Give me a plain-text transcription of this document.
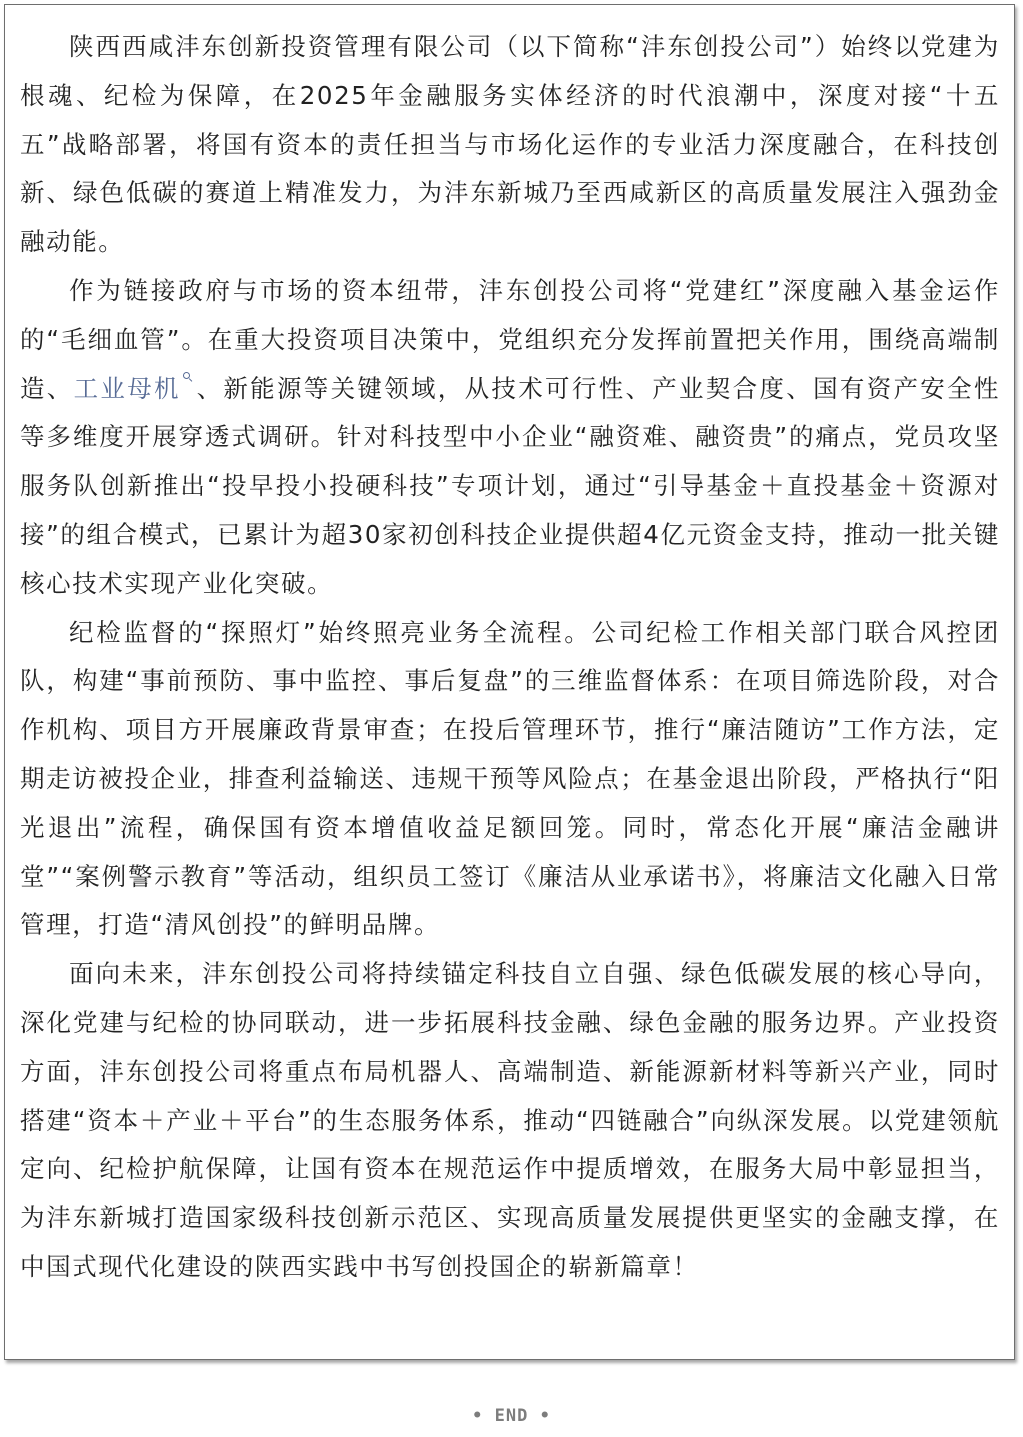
陕西西咸沣东创新投资管理有限公司（以下简称“沣东创投公司”）始终以党建为根魂、纪检为保障，在2025年金融服务实体经济的时代浪潮中，深度对接“十五五”战略部署，将国有资本的责任担当与市场化运作的专业活力深度融合，在科技创新、绿色低碳的赛道上精准发力，为沣东新城乃至西咸新区的高质量发展注入强劲金融动能。

作为链接政府与市场的资本纽带，沣东创投公司将“党建红”深度融入基金运作的“毛细血管”。在重大投资项目决策中，党组织充分发挥前置把关作用，围绕高端制造、工业母机 、新能源等关键领域，从技术可行性、产业契合度、国有资产安全性等多维度开展穿透式调研。针对科技型中小企业“融资难、融资贵”的痛点，党员攻坚服务队创新推出“投早投小投硬科技”专项计划，通过“引导基金＋直投基金＋资源对接”的组合模式，已累计为超30家初创科技企业提供超4亿元资金支持，推动一批关键核心技术实现产业化突破。

纪检监督的“探照灯”始终照亮业务全流程。公司纪检工作相关部门联合风控团队，构建“事前预防、事中监控、事后复盘”的三维监督体系：在项目筛选阶段，对合作机构、项目方开展廉政背景审查；在投后管理环节，推行“廉洁随访”工作方法，定期走访被投企业，排查利益输送、违规干预等风险点；在基金退出阶段，严格执行“阳光退出”流程，确保国有资本增值收益足额回笼。同时，常态化开展“廉洁金融讲堂”“案例警示教育”等活动，组织员工签订《廉洁从业承诺书》，将廉洁文化融入日常管理，打造“清风创投”的鲜明品牌。

面向未来，沣东创投公司将持续锚定科技自立自强、绿色低碳发展的核心导向，深化党建与纪检的协同联动，进一步拓展科技金融、绿色金融的服务边界。产业投资方面，沣东创投公司将重点布局机器人、高端制造、新能源新材料等新兴产业，同时搭建“资本＋产业＋平台”的生态服务体系，推动“四链融合”向纵深发展。以党建领航定向、纪检护航保障，让国有资本在规范运作中提质增效，在服务大局中彰显担当，为沣东新城打造国家级科技创新示范区、实现高质量发展提供更坚实的金融支撑，在中国式现代化建设的陕西实践中书写创投国企的崭新篇章！

• END •
